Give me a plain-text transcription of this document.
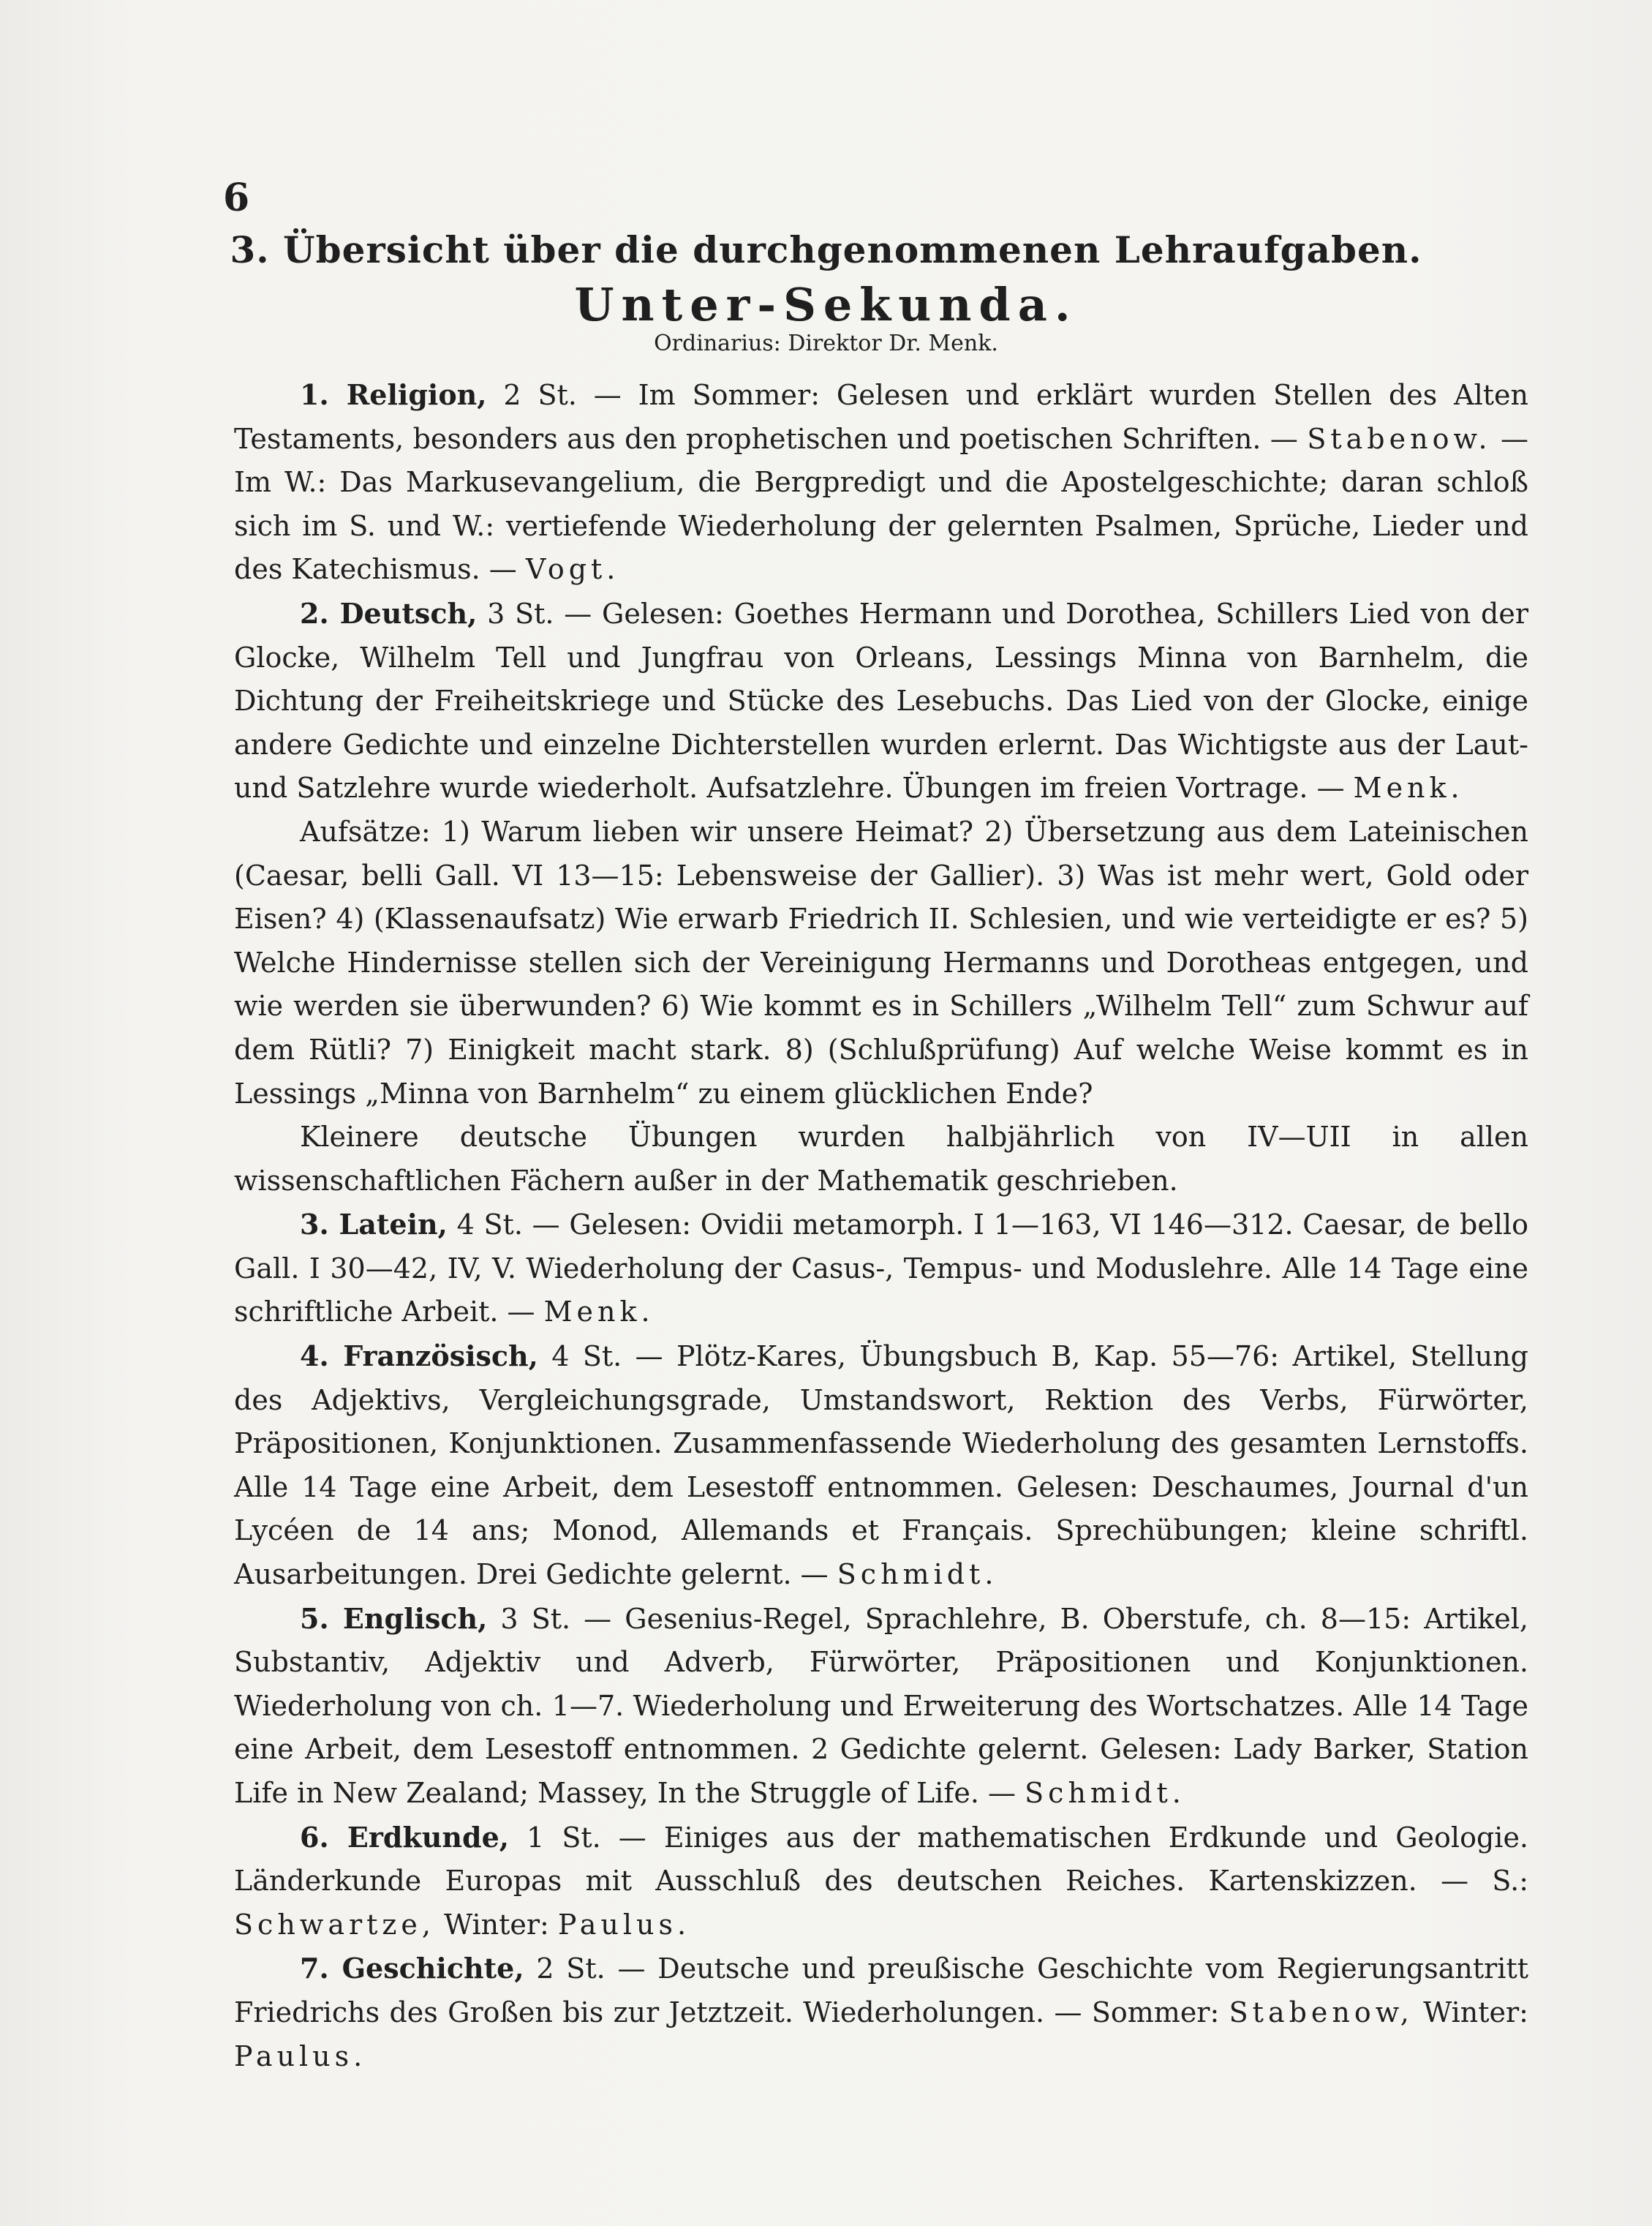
6
3. Übersicht über die durchgenommenen Lehraufgaben.
Unter-Sekunda.
Ordinarius: Direktor Dr. Menk.

1. Religion, 2 St. — Im Sommer: Gelesen und erklärt wurden Stellen des Alten Testaments, besonders aus den prophetischen und poetischen Schriften. — Stabenow. — Im W.: Das Markusevangelium, die Bergpredigt und die Apostelgeschichte; daran schloß sich im S. und W.: vertiefende Wiederholung der gelernten Psalmen, Sprüche, Lieder und des Katechismus. — Vogt.

2. Deutsch, 3 St. — Gelesen: Goethes Hermann und Dorothea, Schillers Lied von der Glocke, Wilhelm Tell und Jungfrau von Orleans, Lessings Minna von Barnhelm, die Dichtung der Freiheitskriege und Stücke des Lesebuchs. Das Lied von der Glocke, einige andere Gedichte und einzelne Dichterstellen wurden erlernt. Das Wichtigste aus der Laut- und Satzlehre wurde wiederholt. Aufsatzlehre. Übungen im freien Vortrage. — Menk.

Aufsätze: 1) Warum lieben wir unsere Heimat? 2) Übersetzung aus dem Lateinischen (Caesar, belli Gall. VI 13—15: Lebensweise der Gallier). 3) Was ist mehr wert, Gold oder Eisen? 4) (Klassenaufsatz) Wie erwarb Friedrich II. Schlesien, und wie verteidigte er es? 5) Welche Hindernisse stellen sich der Vereinigung Hermanns und Dorotheas entgegen, und wie werden sie überwunden? 6) Wie kommt es in Schillers „Wilhelm Tell“ zum Schwur auf dem Rütli? 7) Einigkeit macht stark. 8) (Schlußprüfung) Auf welche Weise kommt es in Lessings „Minna von Barnhelm“ zu einem glücklichen Ende?

Kleinere deutsche Übungen wurden halbjährlich von IV—UII in allen wissenschaftlichen Fächern außer in der Mathematik geschrieben.

3. Latein, 4 St. — Gelesen: Ovidii metamorph. I 1—163, VI 146—312. Caesar, de bello Gall. I 30—42, IV, V. Wiederholung der Casus-, Tempus- und Moduslehre. Alle 14 Tage eine schriftliche Arbeit. — Menk.

4. Französisch, 4 St. — Plötz-Kares, Übungsbuch B, Kap. 55—76: Artikel, Stellung des Adjektivs, Vergleichungsgrade, Umstandswort, Rektion des Verbs, Fürwörter, Präpositionen, Konjunktionen. Zusammenfassende Wiederholung des gesamten Lernstoffs. Alle 14 Tage eine Arbeit, dem Lesestoff entnommen. Gelesen: Deschaumes, Journal d'un Lycéen de 14 ans; Monod, Allemands et Français. Sprechübungen; kleine schriftl. Ausarbeitungen. Drei Gedichte gelernt. — Schmidt.

5. Englisch, 3 St. — Gesenius-Regel, Sprachlehre, B. Oberstufe, ch. 8—15: Artikel, Substantiv, Adjektiv und Adverb, Fürwörter, Präpositionen und Konjunktionen. Wiederholung von ch. 1—7. Wiederholung und Erweiterung des Wortschatzes. Alle 14 Tage eine Arbeit, dem Lesestoff entnommen. 2 Gedichte gelernt. Gelesen: Lady Barker, Station Life in New Zealand; Massey, In the Struggle of Life. — Schmidt.

6. Erdkunde, 1 St. — Einiges aus der mathematischen Erdkunde und Geologie. Länderkunde Europas mit Ausschluß des deutschen Reiches. Kartenskizzen. — S.: Schwartze, Winter: Paulus.

7. Geschichte, 2 St. — Deutsche und preußische Geschichte vom Regierungsantritt Friedrichs des Großen bis zur Jetztzeit. Wiederholungen. — Sommer: Stabenow, Winter: Paulus.
